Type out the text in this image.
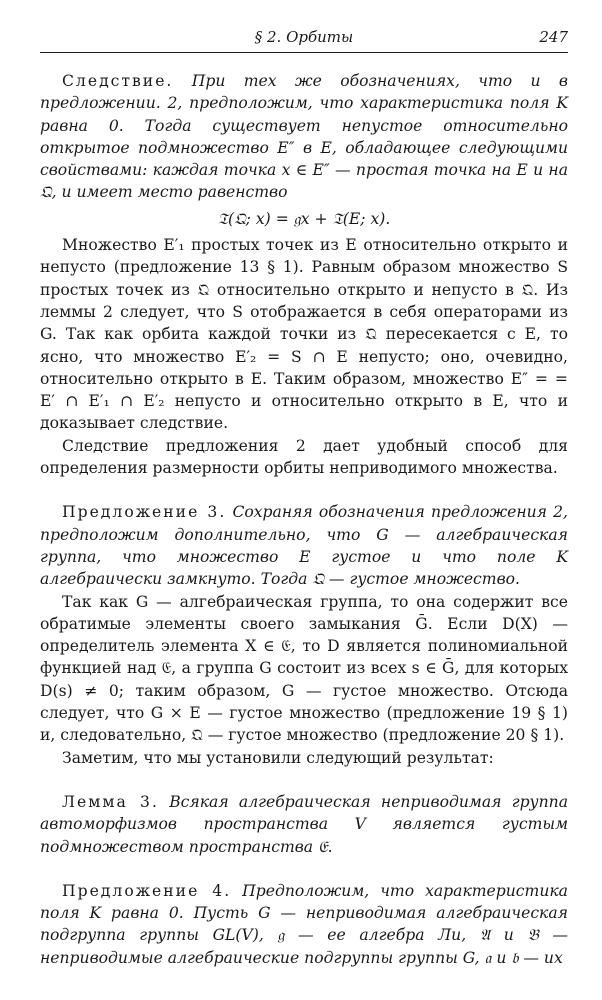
§ 2. Орбиты	247

Следствие. При тех же обозначениях, что и в предложении. 2, предположим, что характеристика поля K равна 0. Тогда существует непустое относительно открытое подмножество E″ в E, обладающее следующими свойствами: каждая точка x ∈ E″ — простая точка на E и на 𝔔, и имеет место равенство

𝔗(𝔔; x) = 𝔤x + 𝔗(E; x).

Множество E′₁ простых точек из E относительно открыто и непусто (предложение 13 § 1). Равным образом множество S простых точек из 𝔔 относительно открыто и непусто в 𝔔. Из леммы 2 следует, что S отображается в себя операторами из G. Так как орбита каждой точки из 𝔔 пересекается с E, то ясно, что множество E′₂ = S ∩ E непусто; оно, очевидно, относительно открыто в E. Таким образом, множество E″ = = E′ ∩ E′₁ ∩ E′₂ непусто и относительно открыто в E, что и доказывает следствие.

Следствие предложения 2 дает удобный способ для определения размерности орбиты неприводимого множества.

Предложение 3. Сохраняя обозначения предложения 2, предположим дополнительно, что G — алгебраическая группа, что множество E густое и что поле K алгебраически замкнуто. Тогда 𝔔 — густое множество.

Так как G — алгебраическая группа, то она содержит все обратимые элементы своего замыкания Ḡ. Если D(X) — определитель элемента X ∈ 𝔈, то D является полиномиальной функцией над 𝔈, а группа G состоит из всех s ∈ Ḡ, для которых D(s) ≠ 0; таким образом, G — густое множество. Отсюда следует, что G × E — густое множество (предложение 19 § 1) и, следовательно, 𝔔 — густое множество (предложение 20 § 1).

Заметим, что мы установили следующий результат:

Лемма 3. Всякая алгебраическая неприводимая группа автоморфизмов пространства V является густым подмножеством пространства 𝔈.

Предложение 4. Предположим, что характеристика поля K равна 0. Пусть G — неприводимая алгебраическая подгруппа группы GL(V), 𝔤 — ее алгебра Ли, 𝔄 и 𝔅 — неприводимые алгебраические подгруппы группы G, 𝔞 и 𝔟 — их
